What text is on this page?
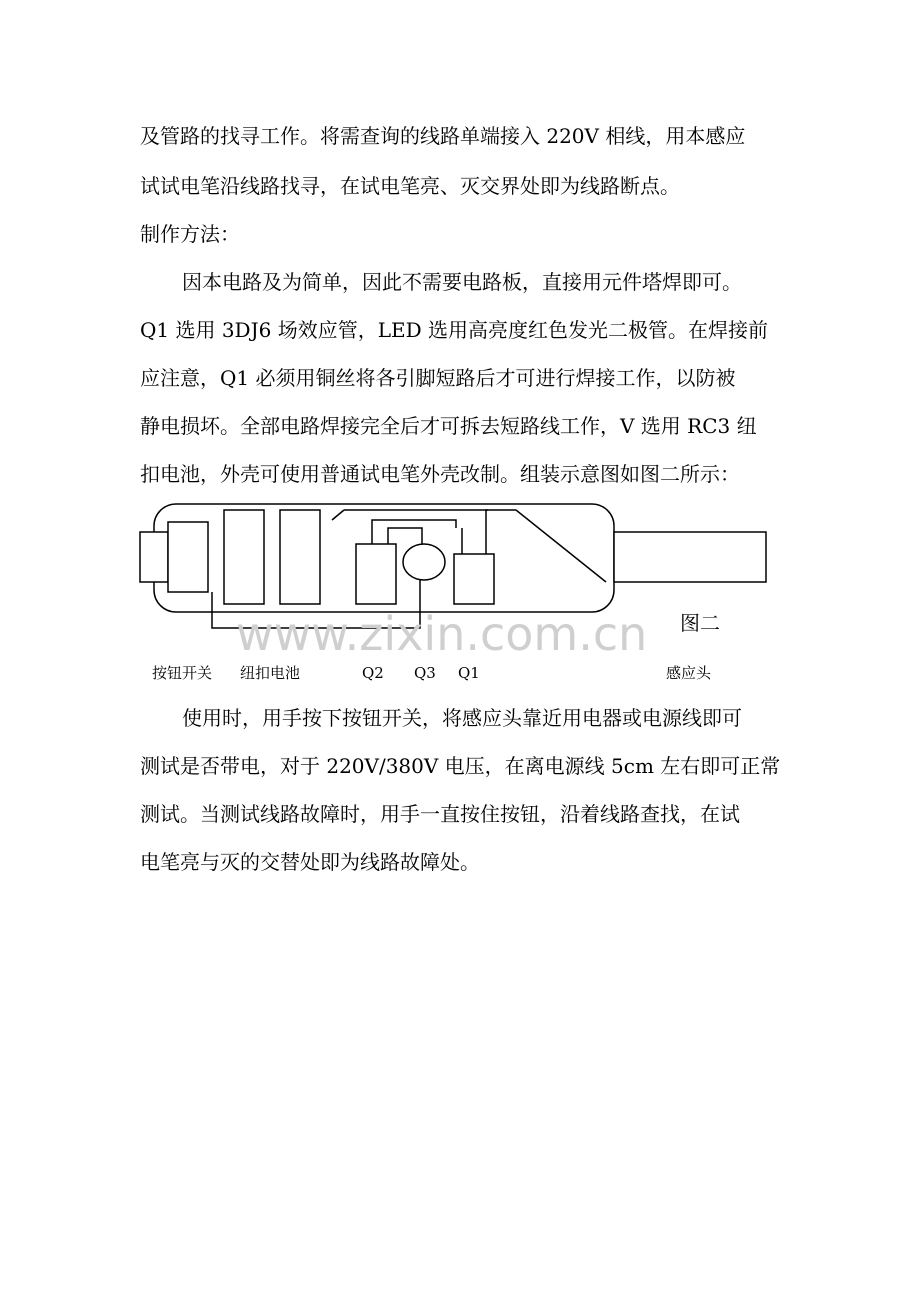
及管路的找寻工作。将需查询的线路单端接入 220V 相线，用本感应

试试电笔沿线路找寻，在试电笔亮、灭交界处即为线路断点。

制作方法：

因本电路及为简单，因此不需要电路板，直接用元件塔焊即可。

Q1 选用 3DJ6 场效应管，LED 选用高亮度红色发光二极管。在焊接前

应注意，Q1 必须用铜丝将各引脚短路后才可进行焊接工作，以防被

静电损坏。全部电路焊接完全后才可拆去短路线工作，V 选用 RC3 纽

扣电池，外壳可使用普通试电笔外壳改制。组装示意图如图二所示：

www.zixin.com.cn 图二
按钮开关 纽扣电池	Q2 Q3 Q1	感应头

使用时，用手按下按钮开关，将感应头靠近用电器或电源线即可

测试是否带电，对于 220V/380V 电压，在离电源线 5cm 左右即可正常

测试。当测试线路故障时，用手一直按住按钮，沿着线路查找，在试

电笔亮与灭的交替处即为线路故障处。
